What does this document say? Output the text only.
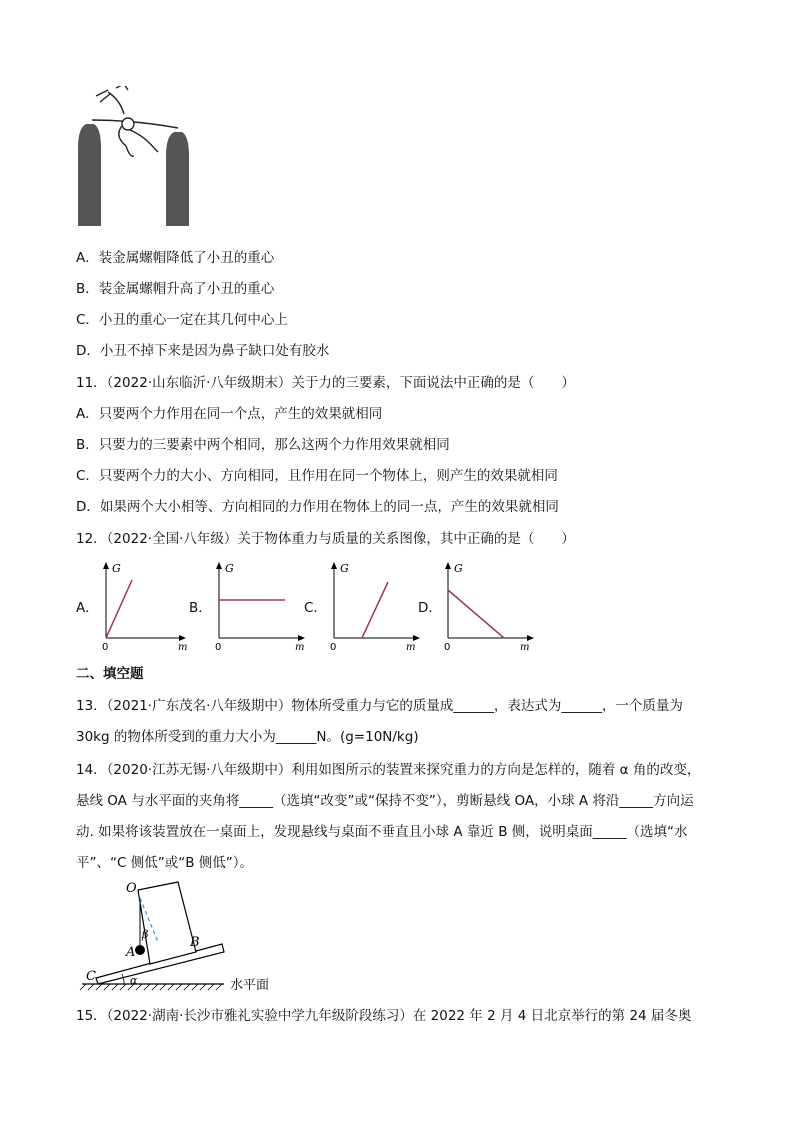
A．装金属螺帽降低了小丑的重心
B．装金属螺帽升高了小丑的重心
C．小丑的重心一定在其几何中心上
D．小丑不掉下来是因为鼻子缺口处有胶水
11．（2022·山东临沂·八年级期末）关于力的三要素，下面说法中正确的是（　　）
A．只要两个力作用在同一个点，产生的效果就相同
B．只要力的三要素中两个相同，那么这两个力作用效果就相同
C．只要两个力的大小、方向相同，且作用在同一个物体上，则产生的效果就相同
D．如果两个大小相等、方向相同的力作用在物体上的同一点，产生的效果就相同
12．（2022·全国·八年级）关于物体重力与质量的关系图像，其中正确的是（　　）
A．
G
m
0
B．
G
m
0
C．
G
m
0
D．
G
m
0
二、填空题
13．（2021·广东茂名·八年级期中）物体所受重力与它的质量成______，表达式为______，一个质量为
30kg 的物体所受到的重力大小为______N。(g=10N/kg)
14．（2020·江苏无锡·八年级期中）利用如图所示的装置来探究重力的方向是怎样的，随着 α 角的改变，
悬线 OA 与水平面的夹角将_____（选填“改变”或“保持不变”），剪断悬线 OA，小球 A 将沿_____方向运
动. 如果将该装置放在一桌面上，发现悬线与桌面不垂直且小球 A 靠近 B 侧，说明桌面_____（选填“水
平”、“C 侧低”或“B 侧低”）。
O
A
B
C	α
β
水平面
15．（2022·湖南·长沙市雅礼实验中学九年级阶段练习）在 2022 年 2 月 4 日北京举行的第 24 届冬奥
